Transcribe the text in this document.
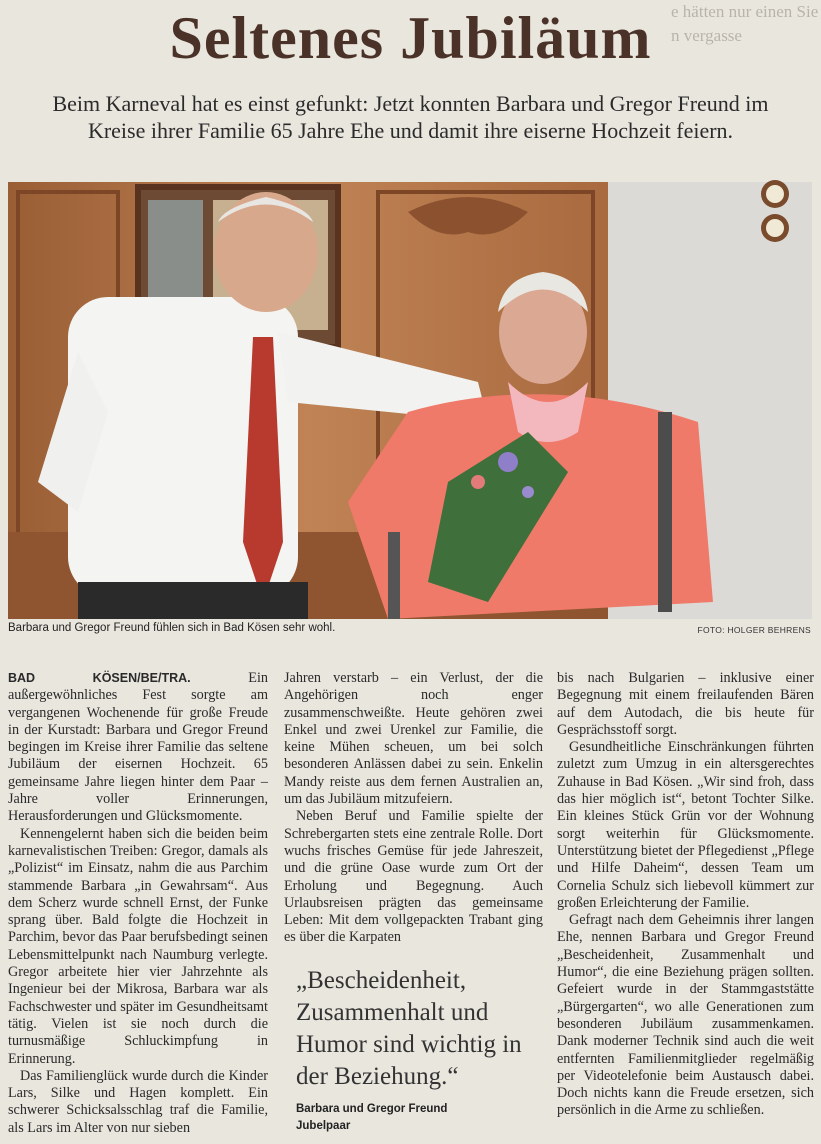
e hätten nur einen Sie
n vergasse
Seltenes Jubiläum

Beim Karneval hat es einst gefunkt: Jetzt konnten Barbara und Gregor Freund im Kreise ihrer Familie 65 Jahre Ehe und damit ihre eiserne Hochzeit feiern.

Barbara und Gregor Freund fühlen sich in Bad Kösen sehr wohl.	FOTO: HOLGER BEHRENS

BAD KÖSEN/BE/TRA. Ein außergewöhnliches Fest sorgte am vergangenen Wochenende für große Freude in der Kurstadt: Barbara und Gregor Freund begingen im Kreise ihrer Familie das seltene Jubiläum der eisernen Hochzeit. 65 gemeinsame Jahre liegen hinter dem Paar – Jahre voller Erinnerungen, Herausforderungen und Glücksmomente.

Kennengelernt haben sich die beiden beim karnevalistischen Treiben: Gregor, damals als „Polizist“ im Einsatz, nahm die aus Parchim stammende Barbara „in Gewahrsam“. Aus dem Scherz wurde schnell Ernst, der Funke sprang über. Bald folgte die Hochzeit in Parchim, bevor das Paar berufsbedingt seinen Lebensmittelpunkt nach Naumburg verlegte. Gregor arbeitete hier vier Jahrzehnte als Ingenieur bei der Mikrosa, Barbara war als Fachschwester und später im Gesundheitsamt tätig. Vielen ist sie noch durch die turnusmäßige Schluckimpfung in Erinnerung.

Das Familienglück wurde durch die Kinder Lars, Silke und Hagen komplett. Ein schwerer Schicksalsschlag traf die Familie, als Lars im Alter von nur sieben

Jahren verstarb – ein Verlust, der die Angehörigen noch enger zusammenschweißte. Heute gehören zwei Enkel und zwei Urenkel zur Familie, die keine Mühen scheuen, um bei solch besonderen Anlässen dabei zu sein. Enkelin Mandy reiste aus dem fernen Australien an, um das Jubiläum mitzufeiern.

Neben Beruf und Familie spielte der Schrebergarten stets eine zentrale Rolle. Dort wuchs frisches Gemüse für jede Jahreszeit, und die grüne Oase wurde zum Ort der Erholung und Begegnung. Auch Urlaubsreisen prägten das gemeinsame Leben: Mit dem vollgepackten Trabant ging es über die Karpaten

„Bescheidenheit, Zusammenhalt und Humor sind wichtig in der Beziehung.“

Barbara und Gregor Freund
Jubelpaar

bis nach Bulgarien – inklusive einer Begegnung mit einem freilaufenden Bären auf dem Autodach, die bis heute für Gesprächsstoff sorgt.

Gesundheitliche Einschränkungen führten zuletzt zum Umzug in ein altersgerechtes Zuhause in Bad Kösen. „Wir sind froh, dass das hier möglich ist“, betont Tochter Silke. Ein kleines Stück Grün vor der Wohnung sorgt weiterhin für Glücksmomente. Unterstützung bietet der Pflegedienst „Pflege und Hilfe Daheim“, dessen Team um Cornelia Schulz sich liebevoll kümmert zur großen Erleichterung der Familie.

Gefragt nach dem Geheimnis ihrer langen Ehe, nennen Barbara und Gregor Freund „Bescheidenheit, Zusammenhalt und Humor“, die eine Beziehung prägen sollten. Gefeiert wurde in der Stammgaststätte „Bürgergarten“, wo alle Generationen zum besonderen Jubiläum zusammenkamen. Dank moderner Technik sind auch die weit entfernten Familienmitglieder regelmäßig per Videotelefonie beim Austausch dabei. Doch nichts kann die Freude ersetzen, sich persönlich in die Arme zu schließen.
